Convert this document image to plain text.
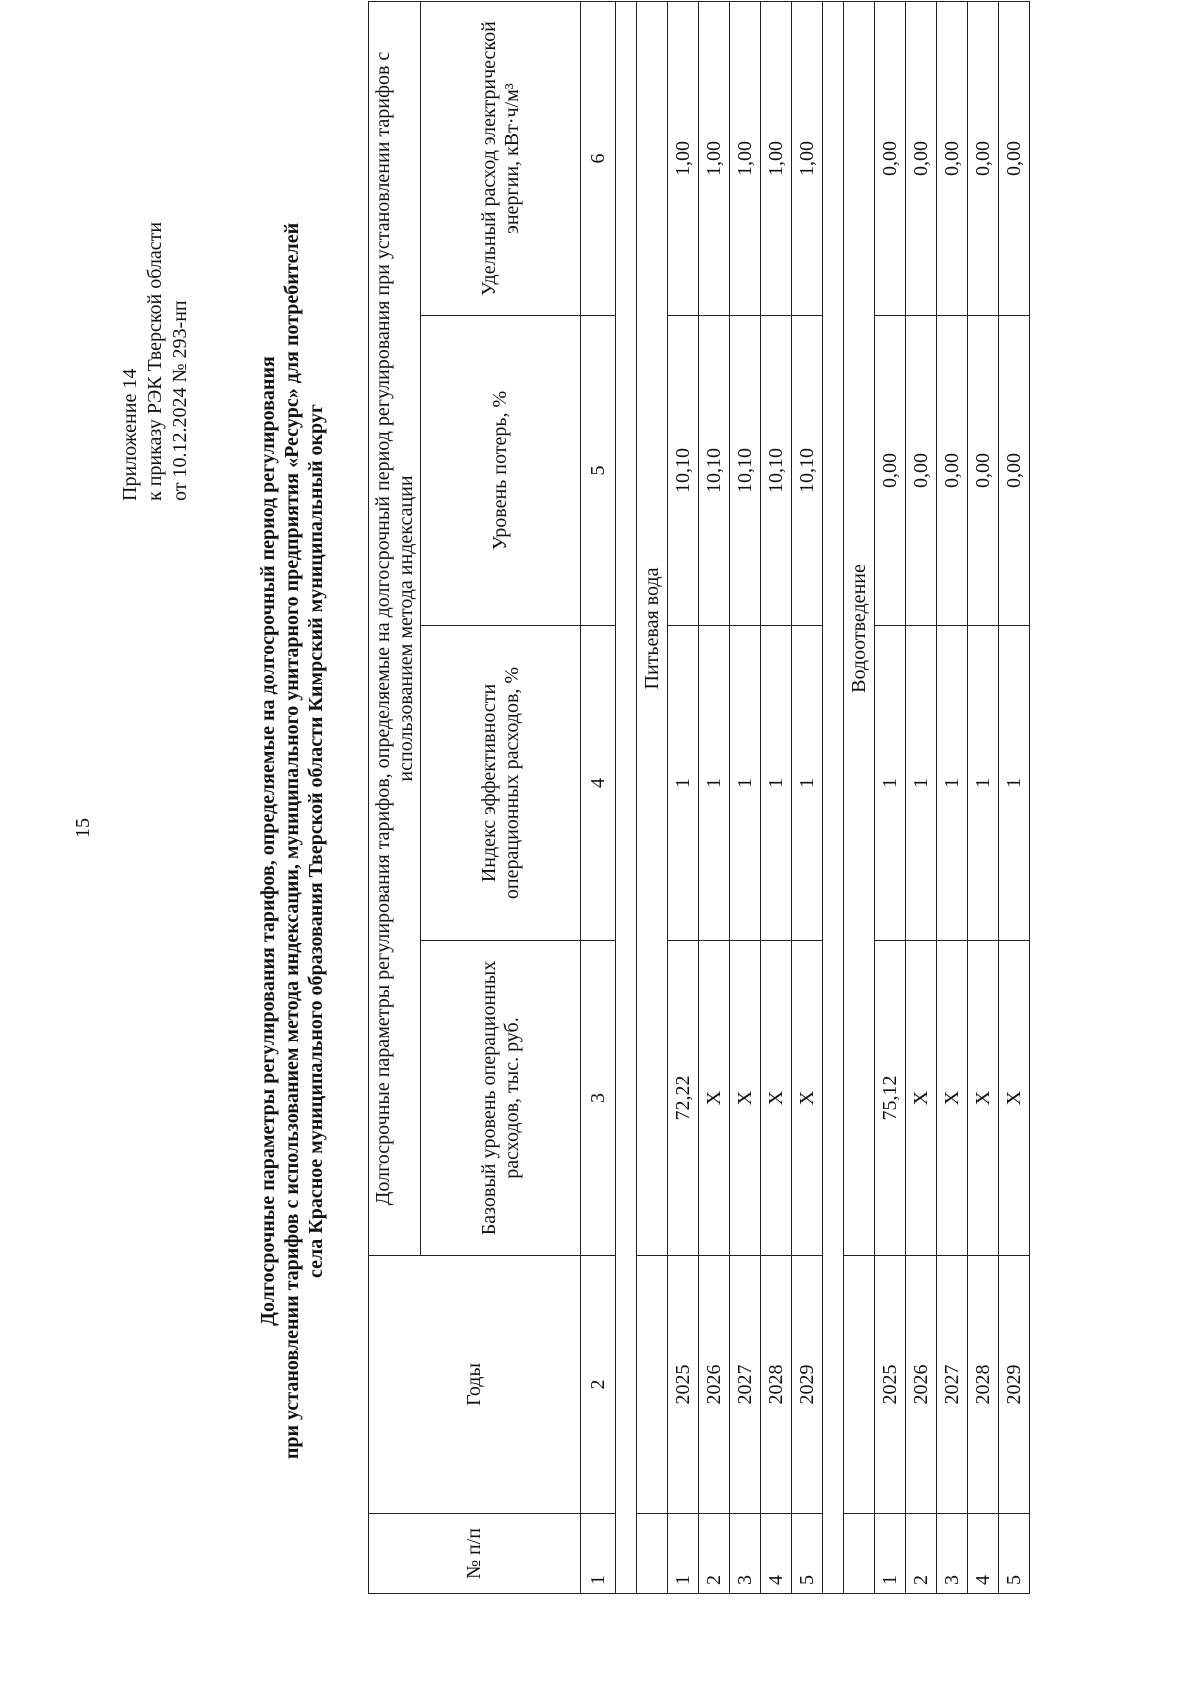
15
Приложение 14 к приказу РЭК Тверской области от 10.12.2024 № 293-нп	Долгосрочные параметры регулирования тарифов, определяемые на долгосрочный период регулирования при установлении тарифов с использованием метода индексации, муниципального унитарного предприятия «Ресурс» для потребителей села Красное муниципального образования Тверской области Кимрский муниципальный округ
№ п/п	Годы	Долгосрочные параметры регулирования тарифов, определяемые на долгосрочный период регулирования при установлении тарифов с использованием метода индексации			
		Базовый уровень операционных расходов, тыс. руб.	Индекс эффективности операционных расходов, %	Уровень потерь, %	Удельный расход электрической энергии, кВт·ч/м³
1	2	3	4	5	6

		Питьевая вода			
1	2025	72,22	1	10,10	1,00
2	2026	X	1	10,10	1,00
3	2027	X	1	10,10	1,00
4	2028	X	1	10,10	1,00
5	2029	X	1	10,10	1,00

		Водоотведение			
1	2025	75,12	1	0,00	0,00
2	2026	X	1	0,00	0,00
3	2027	X	1	0,00	0,00
4	2028	X	1	0,00	0,00
5	2029	X	1	0,00	0,00
